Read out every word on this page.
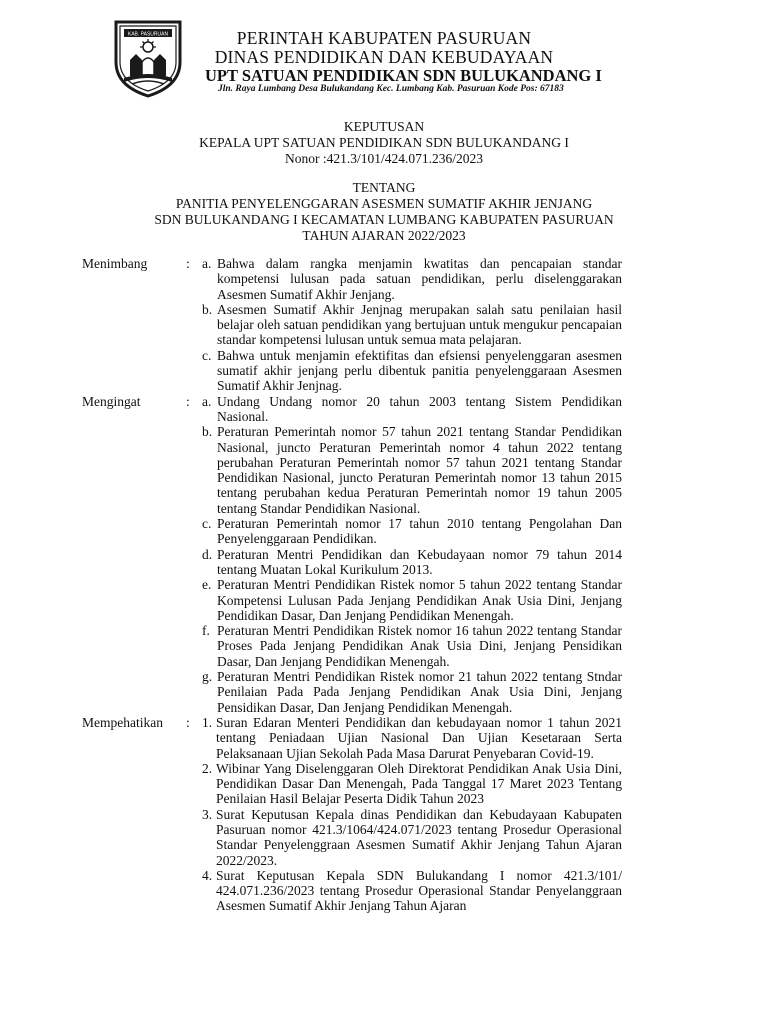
KAB. PASURUAN	PERINTAH KABUPATEN PASURUAN
DINAS PENDIDIKAN DAN KEBUDAYAAN
UPT SATUAN PENDIDIKAN SDN BULUKANDANG I
Jln. Raya Lumbang Desa Bulukandang Kec. Lumbang Kab. Pasuruan Kode Pos: 67183
KEPUTUSAN
KEPALA UPT SATUAN PENDIDIKAN SDN BULUKANDANG I
Nonor :421.3/101/424.071.236/2023
TENTANG
PANITIA PENYELENGGARAN ASESMEN SUMATIF AKHIR JENJANG
SDN BULUKANDANG I KECAMATAN LUMBANG KABUPATEN PASURUAN
TAHUN AJARAN 2022/2023
Menimbang	: a. Bahwa dalam rangka menjamin kwatitas dan pencapaian standar kompetensi lulusan pada satuan pendidikan, perlu diselenggarakan Asesmen Sumatif Akhir Jenjang.
b. Asesmen Sumatif Akhir Jenjnag merupakan salah satu penilaian hasil belajar oleh satuan pendidikan yang bertujuan untuk mengukur pencapaian standar kompetensi lulusan untuk semua mata pelajaran.
c. Bahwa untuk menjamin efektifitas dan efsiensi penyelenggaran asesmen sumatif akhir jenjang perlu dibentuk panitia penyelenggaraan Asesmen Sumatif Akhir Jenjnag.
Mengingat	: a. Undang Undang nomor 20 tahun 2003 tentang Sistem Pendidikan Nasional.
b. Peraturan Pemerintah nomor 57 tahun 2021 tentang Standar Pendidikan Nasional, juncto Peraturan Pemerintah nomor 4 tahun 2022 tentang perubahan Peraturan Pemerintah nomor 57 tahun 2021 tentang Standar Pendidikan Nasional, juncto Peraturan Pemerintah nomor 13 tahun 2015 tentang perubahan kedua Peraturan Pemerintah nomor 19 tahun 2005 tentang Standar Pendidikan Nasional.
c. Peraturan Pemerintah nomor 17 tahun 2010 tentang Pengolahan Dan Penyelenggaraan Pendidikan.
d. Peraturan Mentri Pendidikan dan Kebudayaan nomor 79 tahun 2014 tentang Muatan Lokal Kurikulum 2013.
e. Peraturan Mentri Pendidikan Ristek nomor 5 tahun 2022 tentang Standar Kompetensi Lulusan Pada Jenjang Pendidikan Anak Usia Dini, Jenjang Pendidikan Dasar, Dan Jenjang Pendidikan Menengah.
f. Peraturan Mentri Pendidikan Ristek nomor 16 tahun 2022 tentang Standar Proses Pada Jenjang Pendidikan Anak Usia Dini, Jenjang Pensidikan Dasar, Dan Jenjang Pendidikan Menengah.
g. Peraturan Mentri Pendidikan Ristek nomor 21 tahun 2022 tentang Stndar Penilaian Pada Pada Jenjang Pendidikan Anak Usia Dini, Jenjang Pensidikan Dasar, Dan Jenjang Pendidikan Menengah.
Mempehatikan	: 1. Suran Edaran Menteri Pendidikan dan kebudayaan nomor 1 tahun 2021 tentang Peniadaan Ujian Nasional Dan Ujian Kesetaraan Serta Pelaksanaan Ujian Sekolah Pada Masa Darurat Penyebaran Covid-19.
2. Wibinar Yang Diselenggaran Oleh Direktorat Pendidikan Anak Usia Dini, Pendidikan Dasar Dan Menengah, Pada Tanggal 17 Maret 2023 Tentang Penilaian Hasil Belajar Peserta Didik Tahun 2023
3. Surat Keputusan Kepala dinas Pendidikan dan Kebudayaan Kabupaten Pasuruan nomor 421.3/1064/424.071/2023 tentang Prosedur Operasional Standar Penyelenggraan Asesmen Sumatif Akhir Jenjang Tahun Ajaran 2022/2023.
4. Surat Keputusan Kepala SDN Bulukandang I nomor 421.3/101/ 424.071.236/2023 tentang Prosedur Operasional Standar Penyelanggraan Asesmen Sumatif Akhir Jenjang Tahun Ajaran
